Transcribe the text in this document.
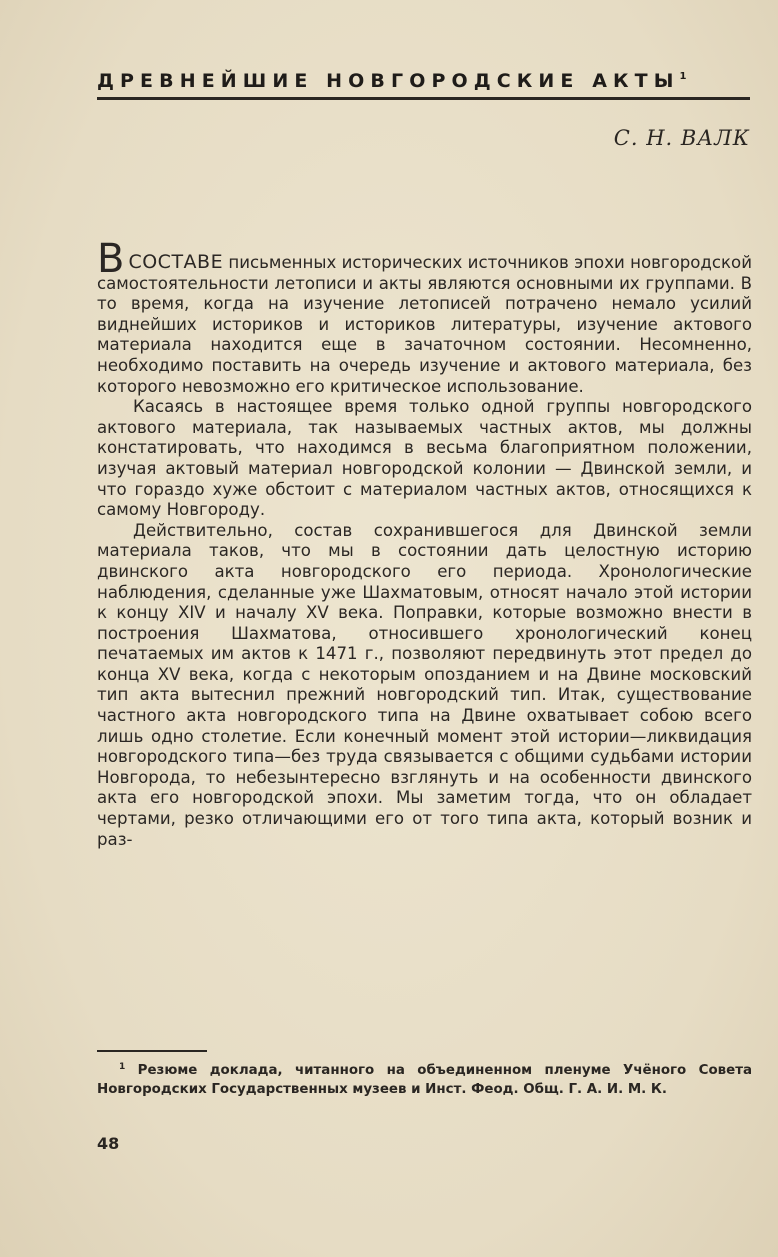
ДРЕВНЕЙШИЕ НОВГОРОДСКИЕ АКТЫ$^1$
С. Н. ВАЛК

ВСОСТАВЕ письменных исторических источников эпохи новгородской самостоятельности летописи и акты являются основными их группами. В то время, когда на изучение летописей потрачено немало усилий виднейших историков и историков литературы, изучение актового материала находится еще в зачаточном состоянии. Несомненно, необходимо поставить на очередь изучение и актового материала, без которого невозможно его критическое использование.

Касаясь в настоящее время только одной группы новгородского актового материала, так называемых частных актов, мы должны констатировать, что находимся в весьма благоприятном положении, изучая актовый материал новгородской колонии — Двинской земли, и что гораздо хуже обстоит с материалом частных актов, относящихся к самому Новгороду.

Действительно, состав сохранившегося для Двинской земли материала таков, что мы в состоянии дать целостную историю двинского акта новгородского его периода. Хронологические наблюдения, сделанные уже Шахматовым, относят начало этой истории к концу XIV и началу XV века. Поправки, которые возможно внести в построения Шахматова, относившего хронологический конец печатаемых им актов к 1471 г., позволяют передвинуть этот предел до конца XV века, когда с некоторым опозданием и на Двине московский тип акта вытеснил прежний новгородский тип. Итак, существование частного акта новгородского типа на Двине охватывает собою всего лишь одно столетие. Если конечный момент этой истории—ликвидация новгородского типа—без труда связывается с общими судьбами истории Новгорода, то небезынтересно взглянуть и на особенности двинского акта его новгородской эпохи. Мы заметим тогда, что он обладает чертами, резко отличающими его от того типа акта, который возник и раз-

$^1$ Резюме доклада, читанного на объединенном пленуме Учёного Совета Новгородских Государственных музеев и Инст. Феод. Общ. Г. А. И. М. К.
48
